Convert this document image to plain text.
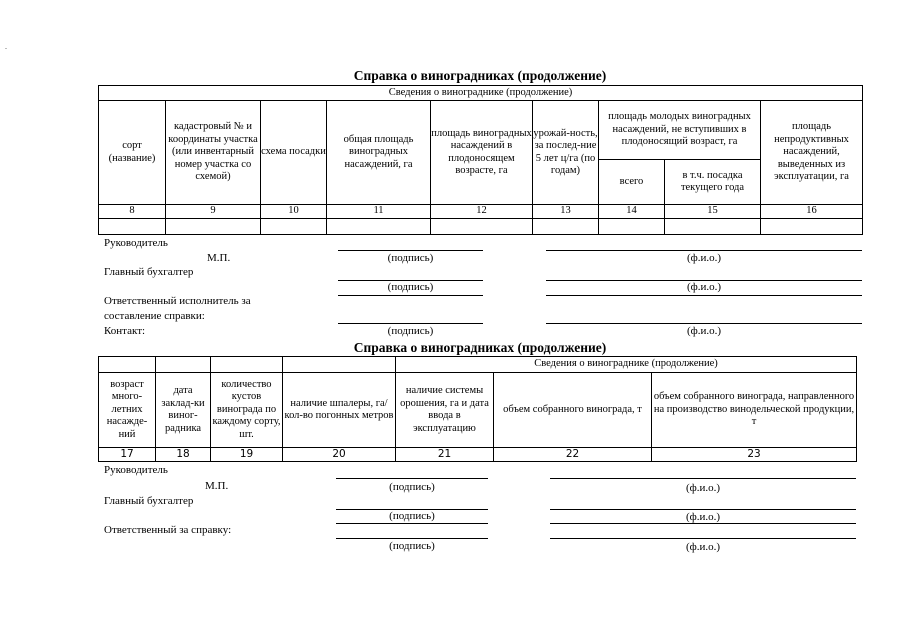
Справка о виноградниках (продолжение)
Сведения о винограднике (продолжение)								
сорт (название)	кадастровый № и координаты участка (или инвентарный номер участка со схемой)	схема посадки	общая площадь виноградных насаждений, га	площадь виноградных насаждений в плодоносящем возрасте, га	урожай-ность, за послед-ние 5 лет ц/га (по годам)	площадь молодых виноградных насаждений, не вступивших в плодоносящий возраст, га		площадь непродуктивных насаждений, выведенных из эксплуатации, га
						всего	в т.ч. посадка текущего года	
8	9	10	11	12	13	14	15	16

Руководитель
М.П.	(подпись)	(ф.и.о.)
Главный бухгалтер
(подпись)	(ф.и.о.)
Ответственный исполнитель за
составление справки:
Контакт:	(подпись)	(ф.и.о.)
Справка о виноградниках (продолжение)
				Сведения о винограднике (продолжение)		
возраст много-летних насажде-ний	дата заклад-ки виног-радника	количество кустов винограда по каждому сорту, шт.	наличие шпалеры, га/ кол-во погонных метров	наличие системы орошения, га и дата ввода в эксплуатацию	объем собранного винограда, т	объем собранного винограда, направленного на производство винодельческой продукции, т
17	18	19	20	21	22	23
Руководитель
М.П.	(подпись)	(ф.и.о.)
Главный бухгалтер
(подпись)	(ф.и.о.)
Ответственный за справку:
(подпись)	(ф.и.о.)
